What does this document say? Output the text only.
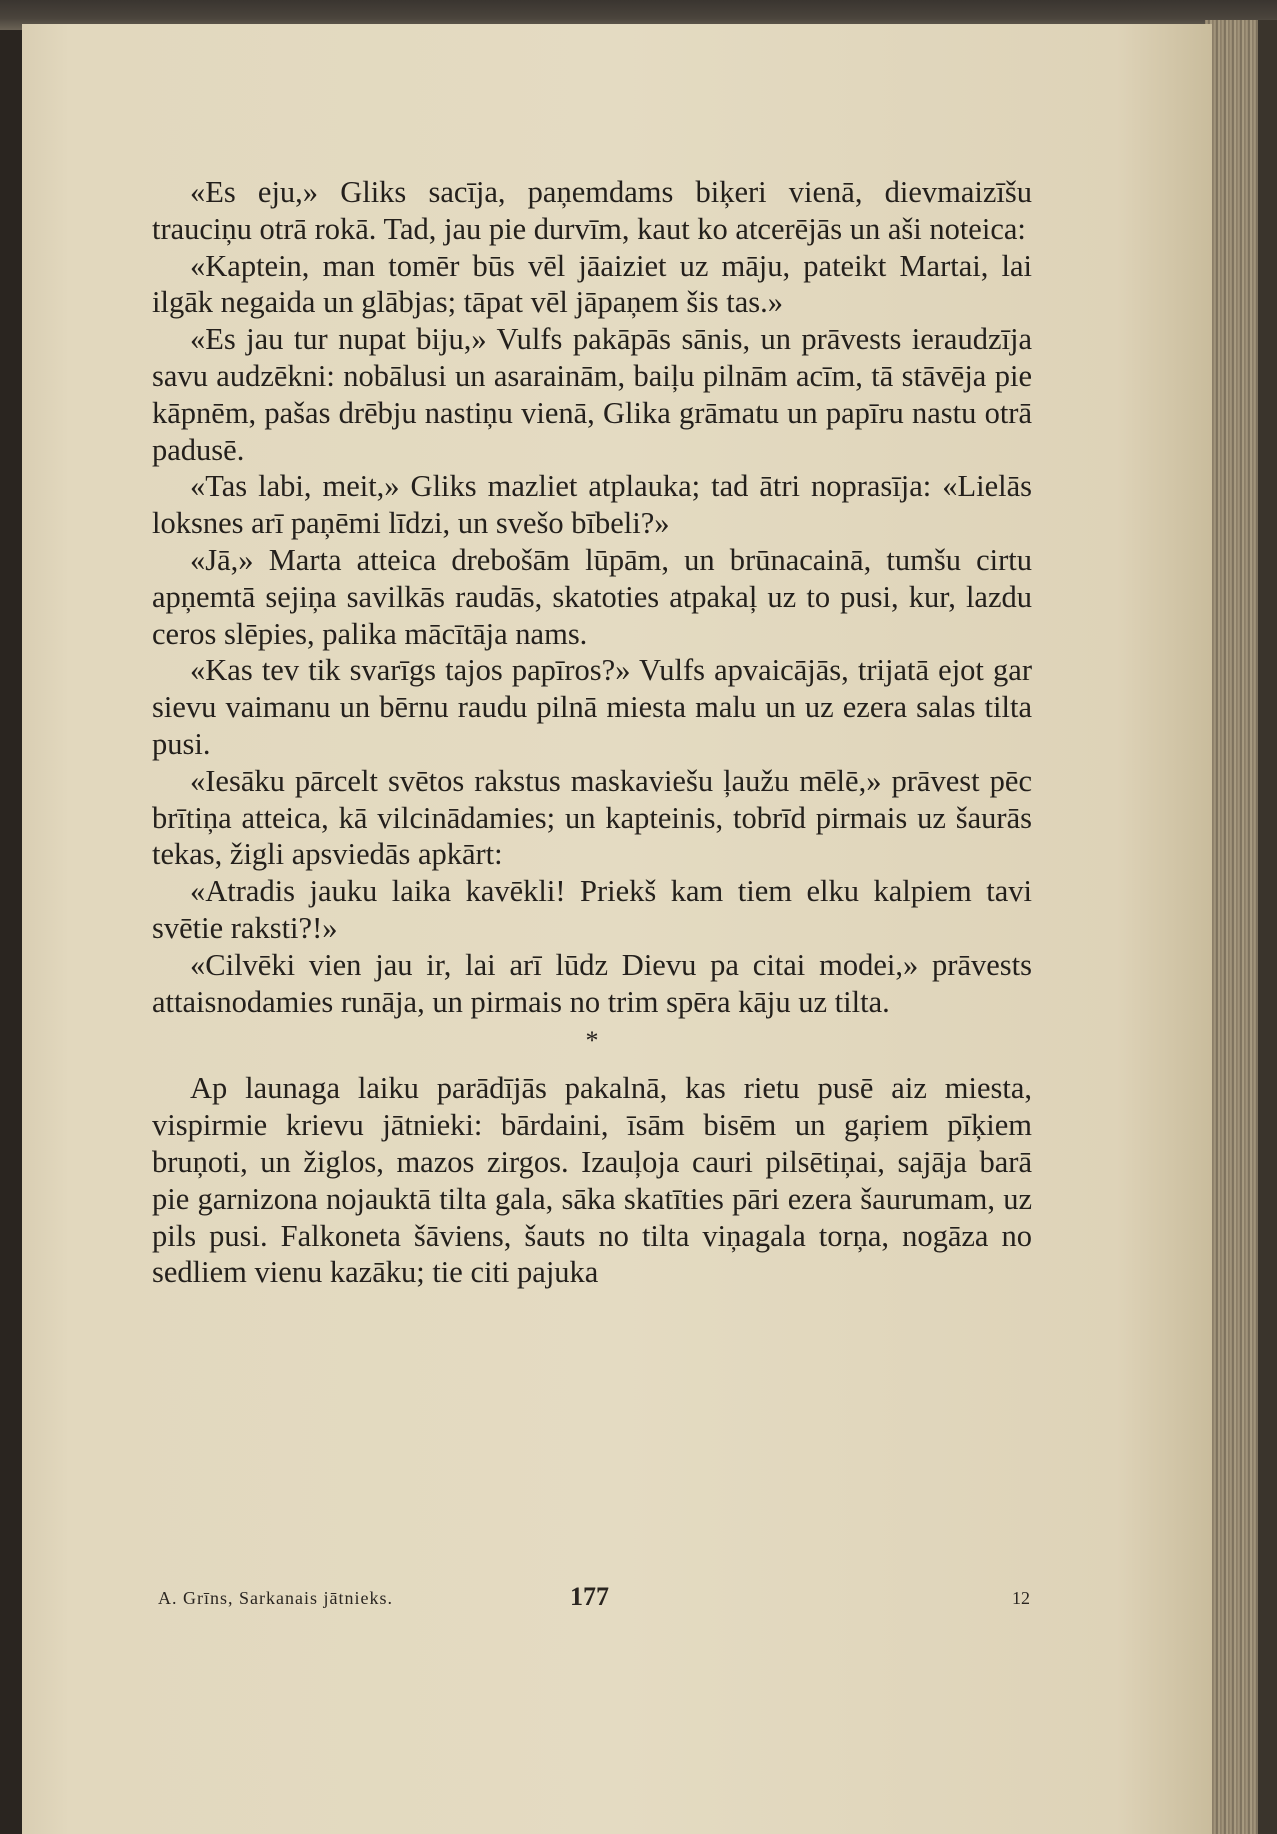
«Es eju,» Gliks sacīja, paņemdams biķeri vienā, dievmaizīšu trauciņu otrā rokā. Tad, jau pie durvīm, kaut ko atcerējās un aši noteica:

«Kaptein, man tomēr būs vēl jāaiziet uz māju, pateikt Martai, lai ilgāk negaida un glābjas; tāpat vēl jāpaņem šis tas.»

«Es jau tur nupat biju,» Vulfs pakāpās sānis, un prāvests ieraudzīja savu audzēkni: nobālusi un asarainām, baiļu pilnām acīm, tā stāvēja pie kāpnēm, pašas drēbju nastiņu vienā, Glika grāmatu un papīru nastu otrā padusē.

«Tas labi, meit,» Gliks mazliet atplauka; tad ātri noprasīja: «Lielās loksnes arī paņēmi līdzi, un svešo bībeli?»

«Jā,» Marta atteica drebošām lūpām, un brūnacainā, tumšu cirtu apņemtā sejiņa savilkās raudās, skatoties atpakaļ uz to pusi, kur, lazdu ceros slēpies, palika mācītāja nams.

«Kas tev tik svarīgs tajos papīros?» Vulfs apvaicājās, trijatā ejot gar sievu vaimanu un bērnu raudu pilnā miesta malu un uz ezera salas tilta pusi.

«Iesāku pārcelt svētos rakstus maskaviešu ļaužu mēlē,» prāvest pēc brītiņa atteica, kā vilcinādamies; un kapteinis, tobrīd pirmais uz šaurās tekas, žigli apsviedās apkārt:

«Atradis jauku laika kavēkli! Priekš kam tiem elku kalpiem tavi svētie raksti?!»

«Cilvēki vien jau ir, lai arī lūdz Dievu pa citai modei,» prāvests attaisnodamies runāja, un pirmais no trim spēra kāju uz tilta.

*

Ap launaga laiku parādījās pakalnā, kas rietu pusē aiz miesta, vispirmie krievu jātnieki: bārdaini, īsām bisēm un gaŗiem pīķiem bruņoti, un žiglos, mazos zirgos. Izauļoja cauri pilsētiņai, sajāja barā pie garnizona nojauktā tilta gala, sāka skatīties pāri ezera šaurumam, uz pils pusi. Falkoneta šāviens, šauts no tilta viņagala torņa, nogāza no sedliem vienu kazāku; tie citi pajuka

A. Grīns, Sarkanais jātnieks.	177	12
